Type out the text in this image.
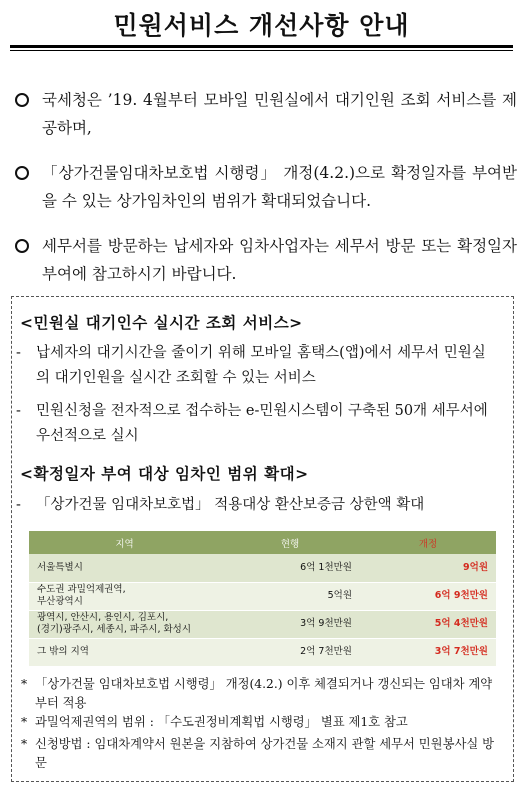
민원서비스 개선사항 안내
국세청은 ’19. 4월부터 모바일 민원실에서 대기인원 조회 서비스를 제공하며,
「상가건물임대차보호법 시행령」 개정(4.2.)으로 확정일자를 부여받을 수 있는 상가임차인의 범위가 확대되었습니다.
세무서를 방문하는 납세자와 임차사업자는 세무서 방문 또는 확정일자 부여에 참고하시기 바랍니다.
<민원실 대기인수 실시간 조회 서비스>
- 납세자의 대기시간을 줄이기 위해 모바일 홈택스(앱)에서 세무서 민원실의 대기인원을 실시간 조회할 수 있는 서비스
- 민원신청을 전자적으로 접수하는 e-민원시스템이 구축된 50개 세무서에 우선적으로 실시
<확정일자 부여 대상 임차인 범위 확대>
- 「상가건물 임대차보호법」 적용대상 환산보증금 상한액 확대
지역	현행	개정
서울특별시	6억 1천만원	9억원
수도권 과밀억제권역,
부산광역시	5억원	6억 9천만원
광역시, 안산시, 용인시, 김포시,
(경기)광주시, 세종시, 파주시, 화성시	3억 9천만원	5억 4천만원
그 밖의 지역	2억 7천만원	3억 7천만원
* 「상가건물 임대차보호법 시행령」 개정(4.2.) 이후 체결되거나 갱신되는 임대차 계약부터 적용
* 과밀억제권역의 범위 : 「수도권정비계획법 시행령」 별표 제1호 참고
* 신청방법 : 임대차계약서 원본을 지참하여 상가건물 소재지 관할 세무서 민원봉사실 방문
